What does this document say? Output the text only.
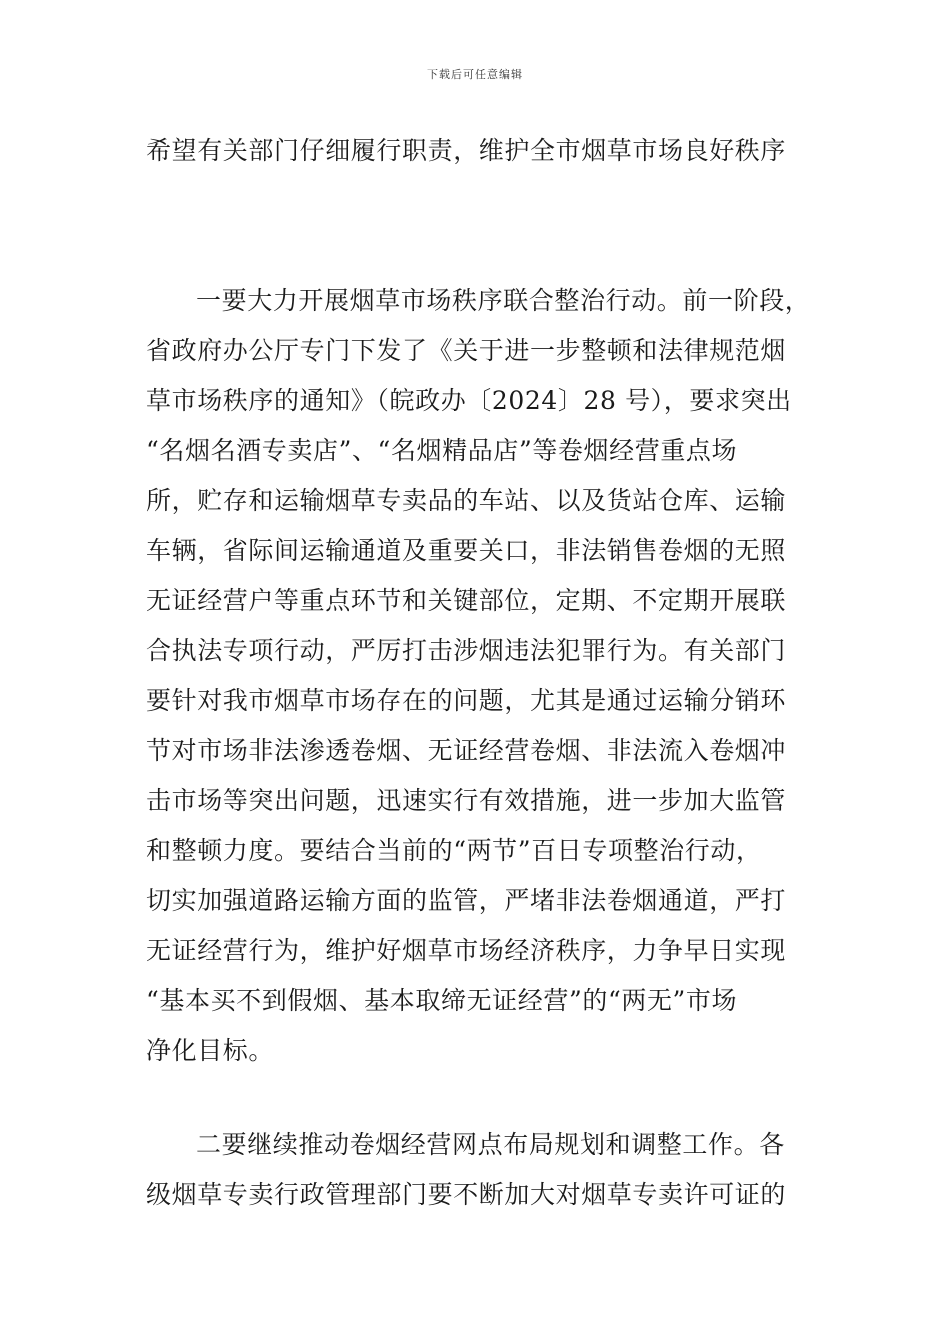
下载后可任意编辑
希望有关部门仔细履行职责，维护全市烟草市场良好秩序
一要大力开展烟草市场秩序联合整治行动。前一阶段，
省政府办公厅专门下发了《关于进一步整顿和法律规范烟
草市场秩序的通知》（皖政办〔2024〕28 号），要求突出
“名烟名酒专卖店”、“名烟精品店”等卷烟经营重点场
所，贮存和运输烟草专卖品的车站、以及货站仓库、运输
车辆，省际间运输通道及重要关口，非法销售卷烟的无照
无证经营户等重点环节和关键部位，定期、不定期开展联
合执法专项行动，严厉打击涉烟违法犯罪行为。有关部门
要针对我市烟草市场存在的问题，尤其是通过运输分销环
节对市场非法渗透卷烟、无证经营卷烟、非法流入卷烟冲
击市场等突出问题，迅速实行有效措施，进一步加大监管
和整顿力度。要结合当前的“两节”百日专项整治行动，
切实加强道路运输方面的监管，严堵非法卷烟通道，严打
无证经营行为，维护好烟草市场经济秩序，力争早日实现
“基本买不到假烟、基本取缔无证经营”的“两无”市场
净化目标。
二要继续推动卷烟经营网点布局规划和调整工作。各
级烟草专卖行政管理部门要不断加大对烟草专卖许可证的
